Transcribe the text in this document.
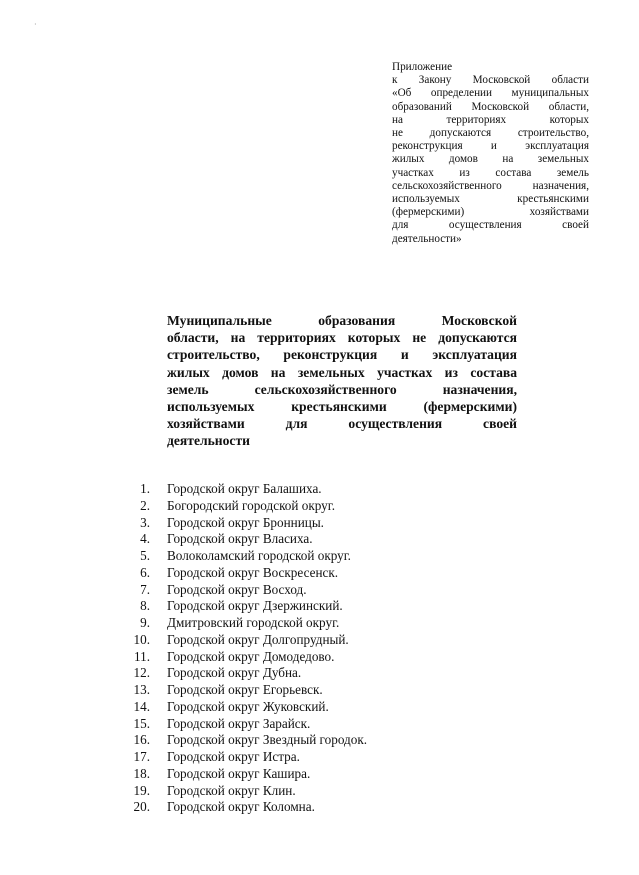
·
Приложение
к Закону Московской области
«Об определении муниципальных
образований Московской области,
на территориях которых
не допускаются строительство,
реконструкция и эксплуатация
жилых домов на земельных
участках из состава земель
сельскохозяйственного назначения,
используемых крестьянскими
(фермерскими) хозяйствами
для осуществления своей
деятельности»
Муниципальные образования Московской
области, на территориях которых не допускаются
строительство, реконструкция и эксплуатация
жилых домов на земельных участках из состава
земель сельскохозяйственного назначения,
используемых крестьянскими (фермерскими)
хозяйствами для осуществления своей
деятельности
1.	Городской округ Балашиха.
2.	Богородский городской округ.
3.	Городской округ Бронницы.
4.	Городской округ Власиха.
5.	Волоколамский городской округ.
6.	Городской округ Воскресенск.
7.	Городской округ Восход.
8.	Городской округ Дзержинский.
9.	Дмитровский городской округ.
10.	Городской округ Долгопрудный.
11.	Городской округ Домодедово.
12.	Городской округ Дубна.
13.	Городской округ Егорьевск.
14.	Городской округ Жуковский.
15.	Городской округ Зарайск.
16.	Городской округ Звездный городок.
17.	Городской округ Истра.
18.	Городской округ Кашира.
19.	Городской округ Клин.
20.	Городской округ Коломна.
